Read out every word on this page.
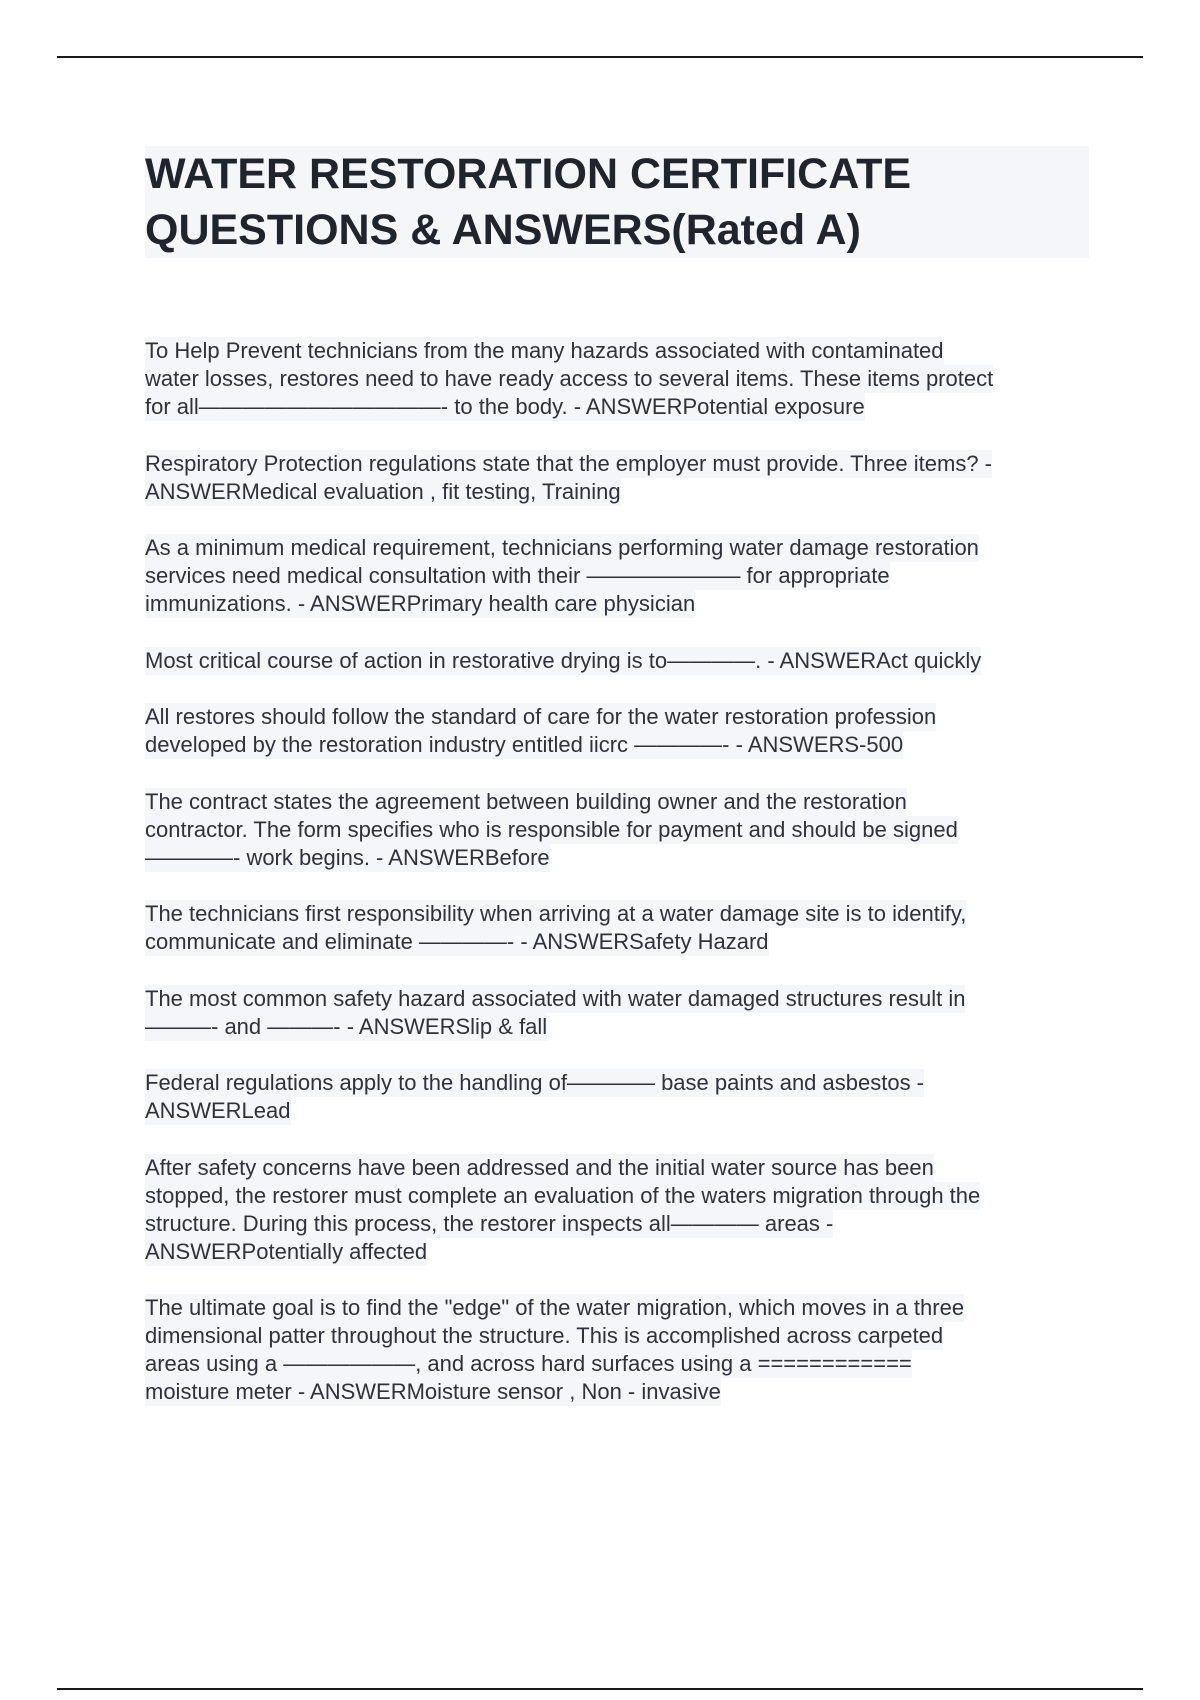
WATER RESTORATION CERTIFICATE
QUESTIONS & ANSWERS(Rated A)
To Help Prevent technicians from the many hazards associated with contaminated
water losses, restores need to have ready access to several items. These items protect
for all———————————- to the body. - ANSWERPotential exposure
Respiratory Protection regulations state that the employer must provide. Three items? -
ANSWERMedical evaluation , fit testing, Training
As a minimum medical requirement, technicians performing water damage restoration
services need medical consultation with their ——————— for appropriate
immunizations. - ANSWERPrimary health care physician
Most critical course of action in restorative drying is to————. - ANSWERAct quickly
All restores should follow the standard of care for the water restoration profession
developed by the restoration industry entitled iicrc ————- - ANSWERS-500
The contract states the agreement between building owner and the restoration
contractor. The form specifies who is responsible for payment and should be signed
————- work begins. - ANSWERBefore
The technicians first responsibility when arriving at a water damage site is to identify,
communicate and eliminate ————- - ANSWERSafety Hazard
The most common safety hazard associated with water damaged structures result in
———- and ———- - ANSWERSlip & fall
Federal regulations apply to the handling of———— base paints and asbestos -
ANSWERLead
After safety concerns have been addressed and the initial water source has been
stopped, the restorer must complete an evaluation of the waters migration through the
structure. During this process, the restorer inspects all———— areas -
ANSWERPotentially affected
The ultimate goal is to find the "edge" of the water migration, which moves in a three
dimensional patter throughout the structure. This is accomplished across carpeted
areas using a ——————, and across hard surfaces using a ============
moisture meter - ANSWERMoisture sensor , Non - invasive
